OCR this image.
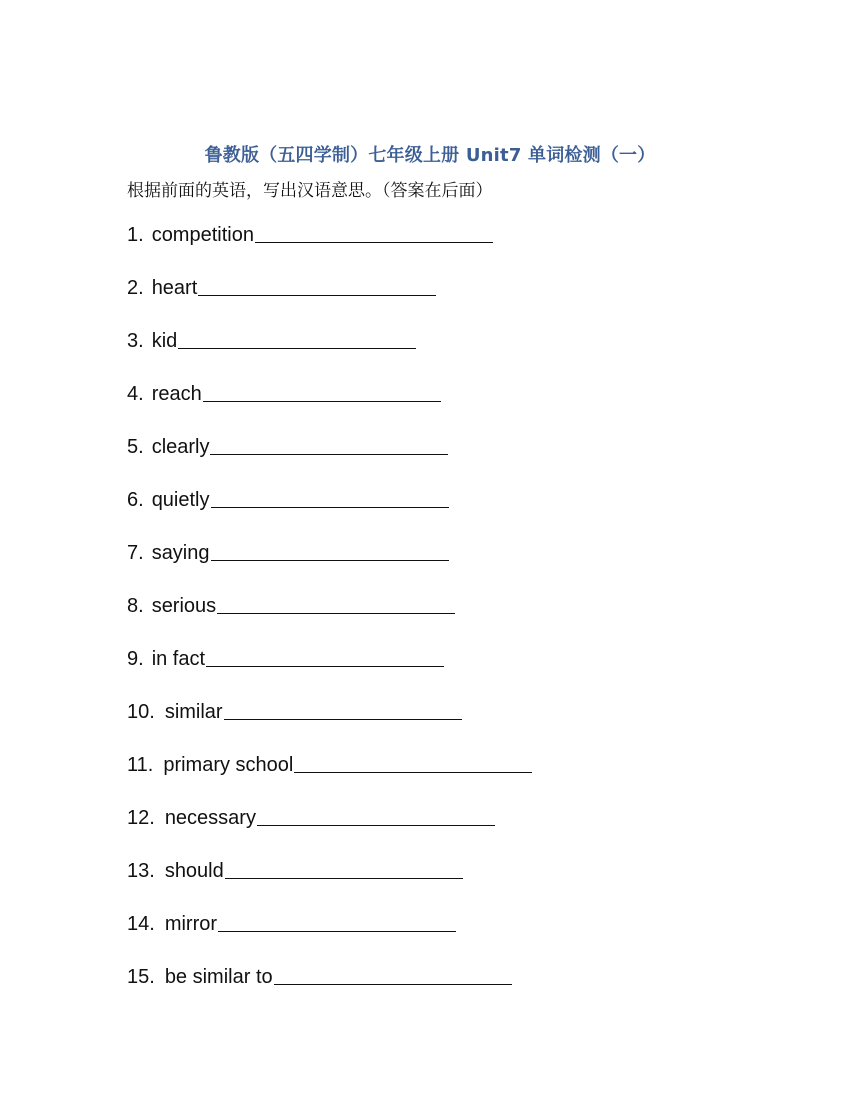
鲁教版（五四学制）七年级上册 Unit7 单词检测（一）
根据前面的英语，写出汉语意思。（答案在后面）
1. competition
2. heart
3. kid
4. reach
5. clearly
6. quietly
7. saying
8. serious
9. in fact
10. similar
11. primary school
12. necessary
13. should
14. mirror
15. be similar to
